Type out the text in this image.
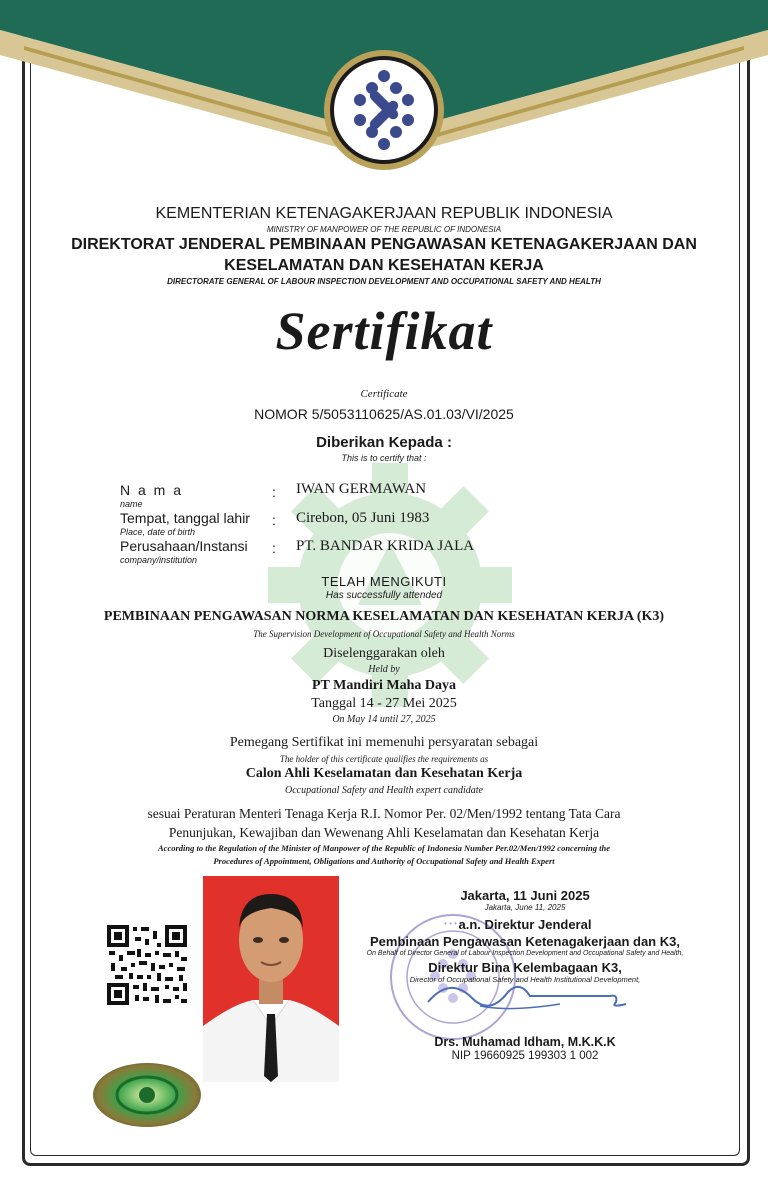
KEMENTERIAN KETENAGAKERJAAN REPUBLIK INDONESIA
MINISTRY OF MANPOWER OF THE REPUBLIC OF INDONESIA
DIREKTORAT JENDERAL PEMBINAAN PENGAWASAN KETENAGAKERJAAN DAN
KESELAMATAN DAN KESEHATAN KERJA
DIRECTORATE GENERAL OF LABOUR INSPECTION DEVELOPMENT AND OCCUPATIONAL SAFETY AND HEALTH
Sertifikat
Certificate
NOMOR 5/5053110625/AS.01.03/VI/2025
Diberikan Kepada :
This is to certify that :
N a m a
name
: IWAN GERMAWAN
Tempat, tanggal lahir
Place, date of birth
: Cirebon, 05 Juni 1983
Perusahaan/Instansi
company/institution
: PT. BANDAR KRIDA JALA
TELAH MENGIKUTI
Has successfully attended
PEMBINAAN PENGAWASAN NORMA KESELAMATAN DAN KESEHATAN KERJA (K3)
The Supervision Development of Occupational Safety and Health Norms
Diselenggarakan oleh
Held by
PT Mandiri Maha Daya
Tanggal 14 - 27 Mei 2025
On May 14 until 27, 2025
Pemegang Sertifikat ini memenuhi persyaratan sebagai
The holder of this certificate qualifies the requirements as
Calon Ahli Keselamatan dan Kesehatan Kerja
Occupational Safety and Health expert candidate
sesuai Peraturan Menteri Tenaga Kerja R.I. Nomor Per. 02/Men/1992 tentang Tata Cara
Penunjukan, Kewajiban dan Wewenang Ahli Keselamatan dan Kesehatan Kerja
According to the Regulation of the Minister of Manpower of the Republic of Indonesia Number Per.02/Men/1992 concerning the
Procedures of Appointment, Obligations and Authority of Occupational Safety and Health Expert
• • • •
Jakarta, 11 Juni 2025
Jakarta, June 11, 2025
a.n. Direktur Jenderal
Pembinaan Pengawasan Ketenagakerjaan dan K3,
On Behalf of Director General of Labour Inspection Development and Occupational Safety and Health,
Direktur Bina Kelembagaan K3,
Director of Occupational Safety and Health Institutional Development,
Drs. Muhamad Idham, M.K.K.K
NIP 19660925 199303 1 002
